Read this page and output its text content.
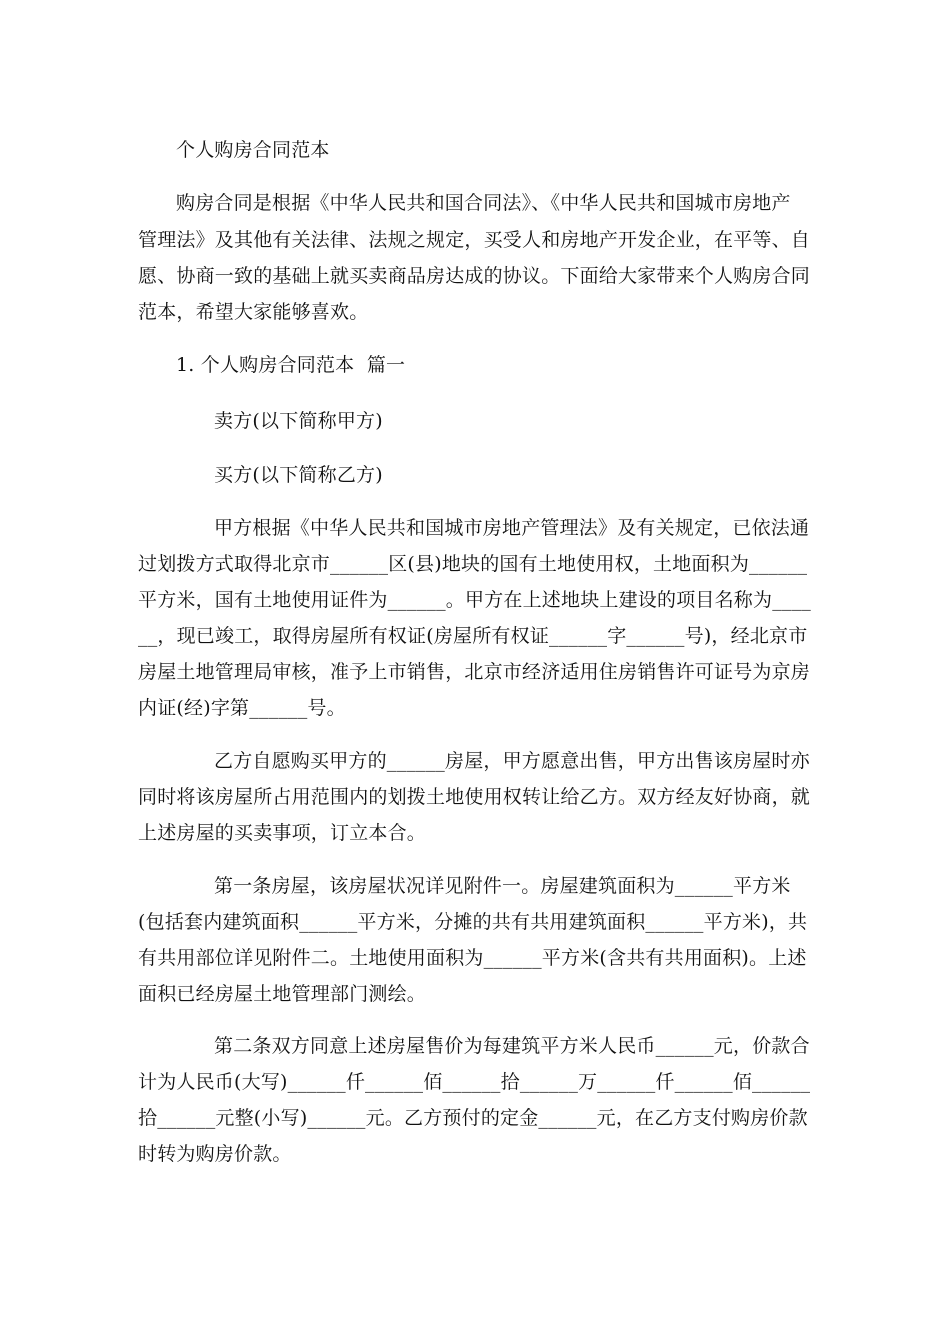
个人购房合同范本
购房合同是根据《中华人民共和国合同法》、《中华人民共和国城市房地产
管理法》及其他有关法律、法规之规定，买受人和房地产开发企业，在平等、自
愿、协商一致的基础上就买卖商品房达成的协议。下面给大家带来个人购房合同
范本，希望大家能够喜欢。
1. 个人购房合同范本  篇一
卖方(以下简称甲方)
买方(以下简称乙方)
甲方根据《中华人民共和国城市房地产管理法》及有关规定，已依法通
过划拨方式取得北京市______区(县)地块的国有土地使用权，土地面积为______
平方米，国有土地使用证件为______。甲方在上述地块上建设的项目名称为____
__，现已竣工，取得房屋所有权证(房屋所有权证______字______号)，经北京市
房屋土地管理局审核，准予上市销售，北京市经济适用住房销售许可证号为京房
内证(经)字第______号。
乙方自愿购买甲方的______房屋，甲方愿意出售，甲方出售该房屋时亦
同时将该房屋所占用范围内的划拨土地使用权转让给乙方。双方经友好协商，就
上述房屋的买卖事项，订立本合。
第一条房屋，该房屋状况详见附件一。房屋建筑面积为______平方米
(包括套内建筑面积______平方米，分摊的共有共用建筑面积______平方米)，共
有共用部位详见附件二。土地使用面积为______平方米(含共有共用面积)。上述
面积已经房屋土地管理部门测绘。
第二条双方同意上述房屋售价为每建筑平方米人民币______元，价款合
计为人民币(大写)______仟______佰______拾______万______仟______佰______
拾______元整(小写)______元。乙方预付的定金______元，在乙方支付购房价款
时转为购房价款。
